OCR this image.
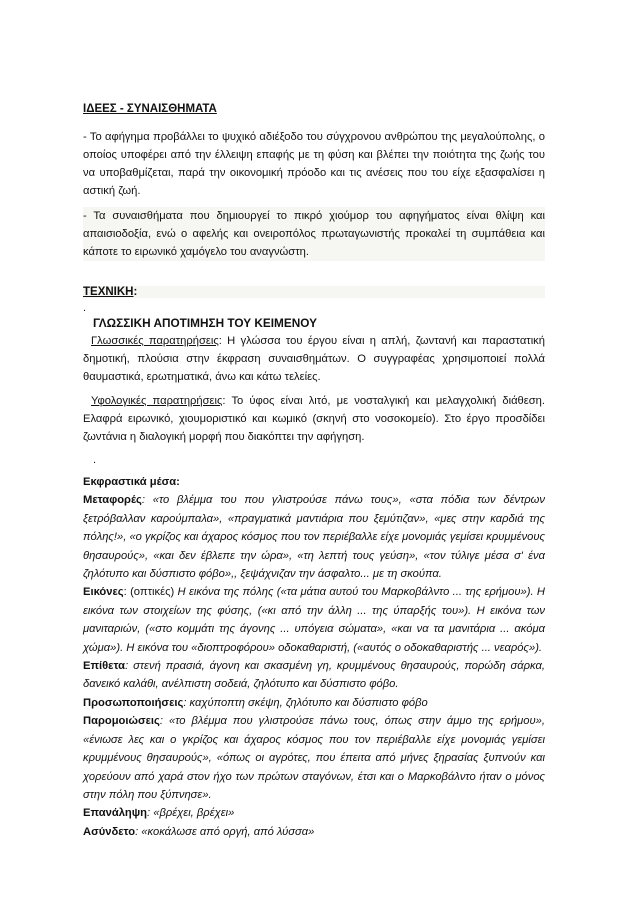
ΙΔΕΕΣ - ΣΥΝΑΙΣΘΗΜΑΤΑ
- Το αφήγημα προβάλλει το ψυχικό αδιέξοδο του σύγχρονου ανθρώπου της μεγαλούπολης, ο οποίος υποφέρει από την έλλειψη επαφής με τη φύση και βλέπει την ποιότητα της ζωής του να υποβαθμίζεται, παρά την οικονομική πρόοδο και τις ανέσεις που του είχε εξασφαλίσει η αστική ζωή.
- Τα συναισθήματα που δημιουργεί το πικρό χιούμορ του αφηγήματος είναι θλίψη και απαισιοδοξία, ενώ ο αφελής και ονειροπόλος πρωταγωνιστής προκαλεί τη συμπάθεια και κάποτε το ειρωνικό χαμόγελο του αναγνώστη.
ΤΕΧΝΙΚΗ:
.
ΓΛΩΣΣΙΚΗ ΑΠΟΤΙΜΗΣΗ ΤΟΥ ΚΕΙΜΕΝΟΥ
Γλωσσικές παρατηρήσεις: Η γλώσσα του έργου είναι η απλή, ζωντανή και παραστατική δημοτική, πλούσια στην έκφραση συναισθημάτων. Ο συγγραφέας χρησιμοποιεί πολλά θαυμαστικά, ερωτηματικά, άνω και κάτω τελείες.
Υφολογικές παρατηρήσεις: Το ύφος είναι λιτό, με νοσταλγική και μελαγχολική διάθεση. Ελαφρά ειρωνικό, χιουμοριστικό και κωμικό (σκηνή στο νοσοκομείο). Στο έργο προσδίδει ζωντάνια η διαλογική μορφή που διακόπτει την αφήγηση.
.

Εκφραστικά μέσα:

Μεταφορές: «το βλέμμα του που γλιστρούσε πάνω τους», «στα πόδια των δέντρων ξετρόβαλλαν καρούμπαλα», «πραγματικά μαντιάρια που ξεμύτιζαν», «μες στην καρδιά της πόλης!», «ο γκρίζος και άχαρος κόσμος που τον περιέβαλλε είχε μονομιάς γεμίσει κρυμμένους θησαυρούς», «και δεν έβλεπε την ώρα», «τη λεπτή τους γεύση», «τον τύλιγε μέσα σ' ένα ζηλότυπο και δύσπιστο φόβο»,, ξεψάχνιζαν την άσφαλτο... με τη σκούπα.

Εικόνες: (οπτικές) Η εικόνα της πόλης («τα μάτια αυτού του Μαρκοβάλντο ... της ερήμου»). Η εικόνα των στοιχείων της φύσης, («κι από την άλλη ... της ύπαρξής του»). Η εικόνα των μανιταριών, («στο κομμάτι της άγονης ... υπόγεια σώματα», «και να τα μανιτάρια ... ακόμα χώμα»). Η εικόνα του «διοπτροφόρου» οδοκαθαριστή, («αυτός ο οδοκαθαριστής ... νεαρός»).

Επίθετα: στενή πρασιά, άγονη και σκασμένη γη, κρυμμένους θησαυρούς, πορώδη σάρκα, δανεικό καλάθι, ανέλπιστη σοδειά, ζηλότυπο και δύσπιστο φόβο.

Προσωποποιήσεις: καχύποπτη σκέψη, ζηλότυπο και δύσπιστο φόβο

Παρομοιώσεις: «το βλέμμα που γλιστρούσε πάνω τους, όπως στην άμμο της ερήμου», «ένιωσε λες και ο γκρίζος και άχαρος κόσμος που τον περιέβαλλε είχε μονομιάς γεμίσει κρυμμένους θησαυρούς», «όπως οι αγρότες, που έπειτα από μήνες ξηρασίας ξυπνούν και χορεύουν από χαρά στον ήχο των πρώτων σταγόνων, έτσι και ο Μαρκοβάλντο ήταν ο μόνος στην πόλη που ξύπνησε».

Επανάληψη: «βρέχει, βρέχει»

Ασύνδετο: «κοκάλωσε από οργή, από λύσσα»
